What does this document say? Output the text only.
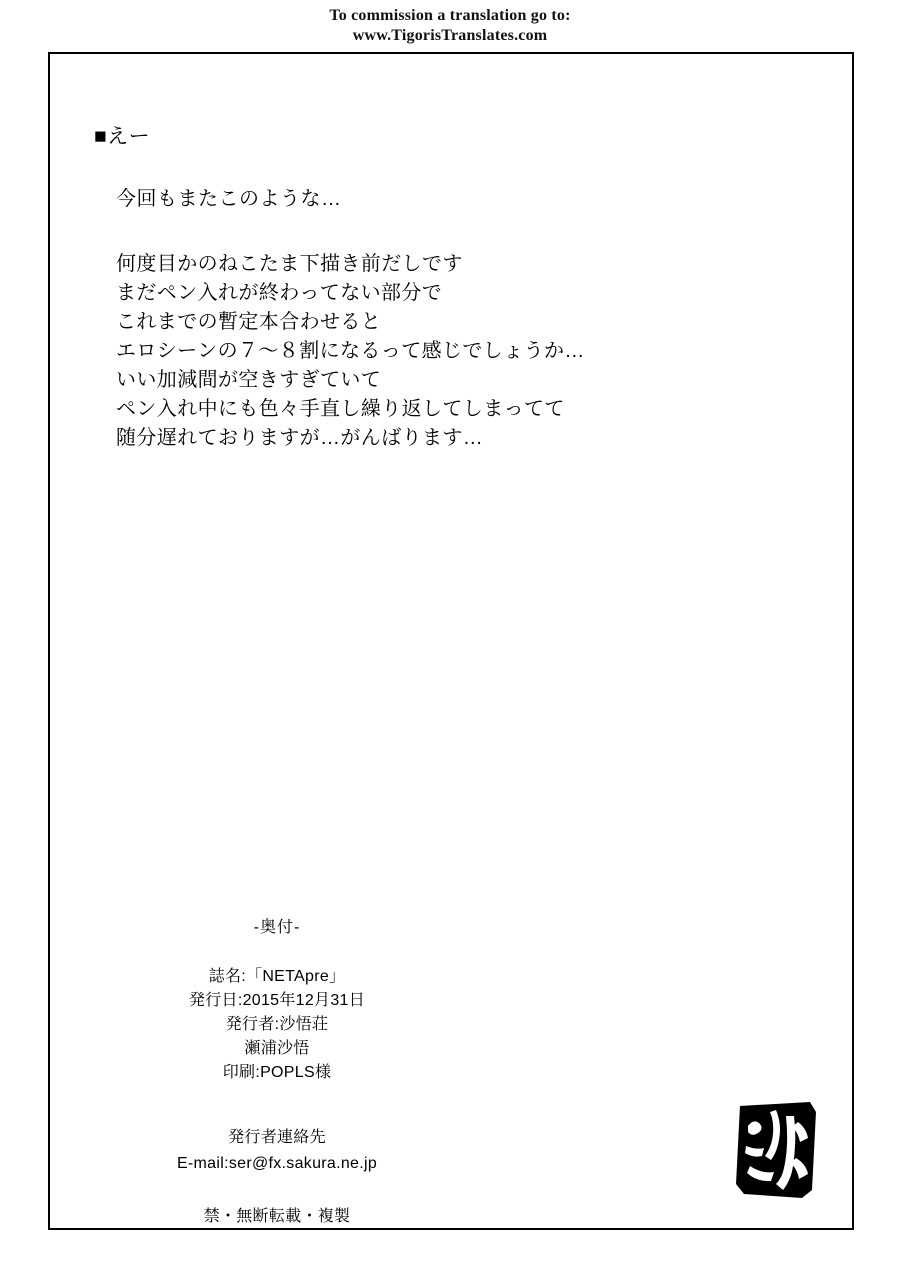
To commission a translation go to:
www.TigorisTranslates.com

■えー

今回もまたこのような…

何度目かのねこたま下描き前だしです

まだペン入れが終わってない部分で

これまでの暫定本合わせると

エロシーンの７～８割になるって感じでしょうか…

いい加減間が空きすぎていて

ペン入れ中にも色々手直し繰り返してしまってて

随分遅れておりますが…がんばります…

-奥付-

誌名:「NETApre」

発行日:2015年12月31日

発行者:沙悟荘

瀬浦沙悟

印刷:POPLS様

発行者連絡先

E-mail:ser@fx.sakura.ne.jp

禁・無断転載・複製
